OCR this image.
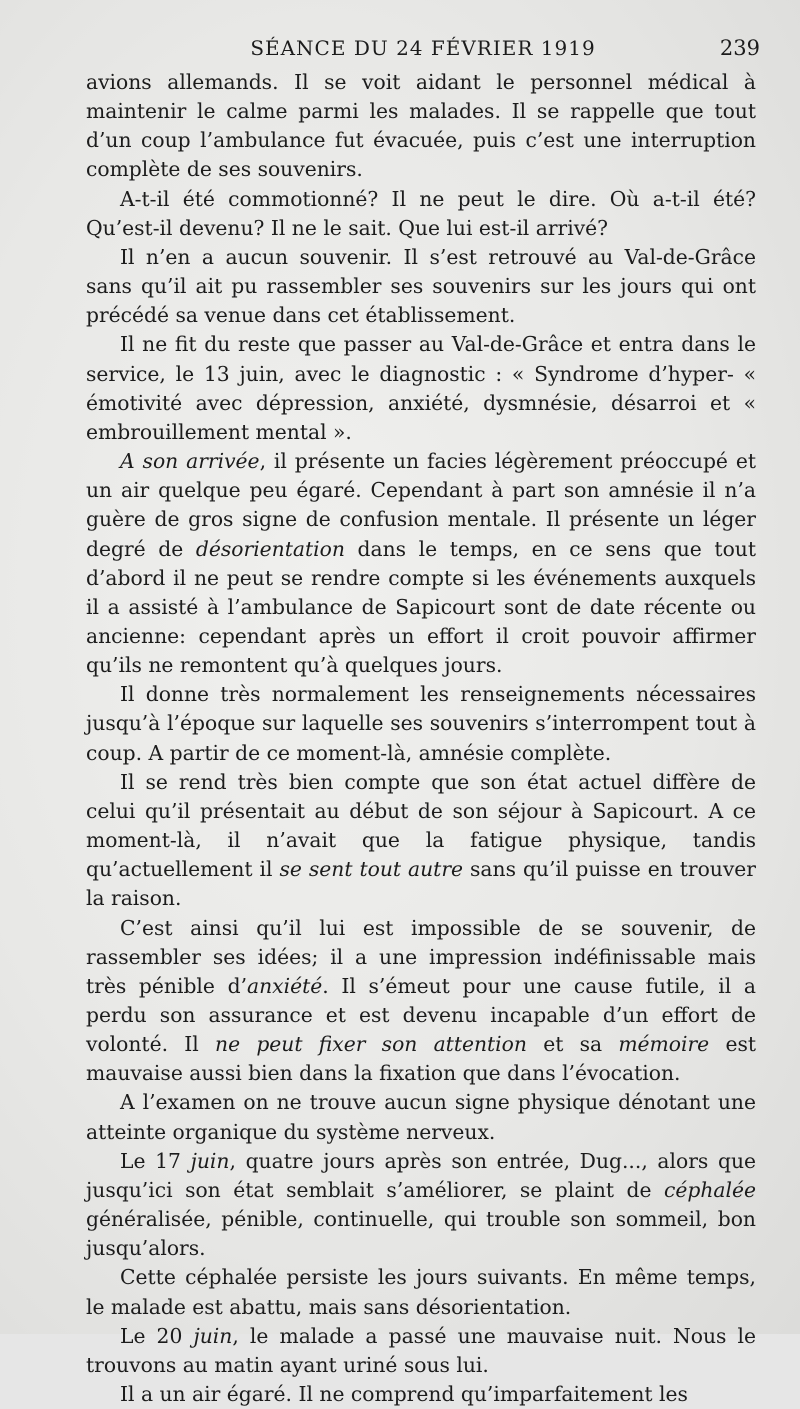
SÉANCE DU 24 FÉVRIER 1919	239

avions allemands. Il se voit aidant le personnel médical à maintenir le calme parmi les malades. Il se rappelle que tout d’un coup l’ambulance fut évacuée, puis c’est une interruption complète de ses souvenirs.

A-t-il été commotionné? Il ne peut le dire. Où a-t-il été? Qu’est-il devenu? Il ne le sait. Que lui est-il arrivé?

Il n’en a aucun souvenir. Il s’est retrouvé au Val-de-Grâce sans qu’il ait pu rassembler ses souvenirs sur les jours qui ont précédé sa venue dans cet établissement.

Il ne fit du reste que passer au Val-de-Grâce et entra dans le service, le 13 juin, avec le diagnostic : « Syndrome d’hyper- « émotivité avec dépression, anxiété, dysmnésie, désarroi et « embrouillement mental ».

A son arrivée, il présente un facies légèrement préoccupé et un air quelque peu égaré. Cependant à part son amnésie il n’a guère de gros signe de confusion mentale. Il présente un léger degré de désorientation dans le temps, en ce sens que tout d’abord il ne peut se rendre compte si les événements auxquels il a assisté à l’ambulance de Sapicourt sont de date récente ou ancienne: cependant après un effort il croit pouvoir affirmer qu’ils ne remontent qu’à quelques jours.

Il donne très normalement les renseignements nécessaires jusqu’à l’époque sur laquelle ses souvenirs s’interrompent tout à coup. A partir de ce moment-là, amnésie complète.

Il se rend très bien compte que son état actuel diffère de celui qu’il présentait au début de son séjour à Sapicourt. A ce moment-là, il n’avait que la fatigue physique, tandis qu’actuellement il se sent tout autre sans qu’il puisse en trouver la raison.

C’est ainsi qu’il lui est impossible de se souvenir, de rassembler ses idées; il a une impression indéfinissable mais très pénible d’anxiété. Il s’émeut pour une cause futile, il a perdu son assurance et est devenu incapable d’un effort de volonté. Il ne peut fixer son attention et sa mémoire est mauvaise aussi bien dans la fixation que dans l’évocation.

A l’examen on ne trouve aucun signe physique dénotant une atteinte organique du système nerveux.

Le 17 juin, quatre jours après son entrée, Dug..., alors que jusqu’ici son état semblait s’améliorer, se plaint de céphalée généralisée, pénible, continuelle, qui trouble son sommeil, bon jusqu’alors.

Cette céphalée persiste les jours suivants. En même temps, le malade est abattu, mais sans désorientation.

Le 20 juin, le malade a passé une mauvaise nuit. Nous le trouvons au matin ayant uriné sous lui.

Il a un air égaré. Il ne comprend qu’imparfaitement les
